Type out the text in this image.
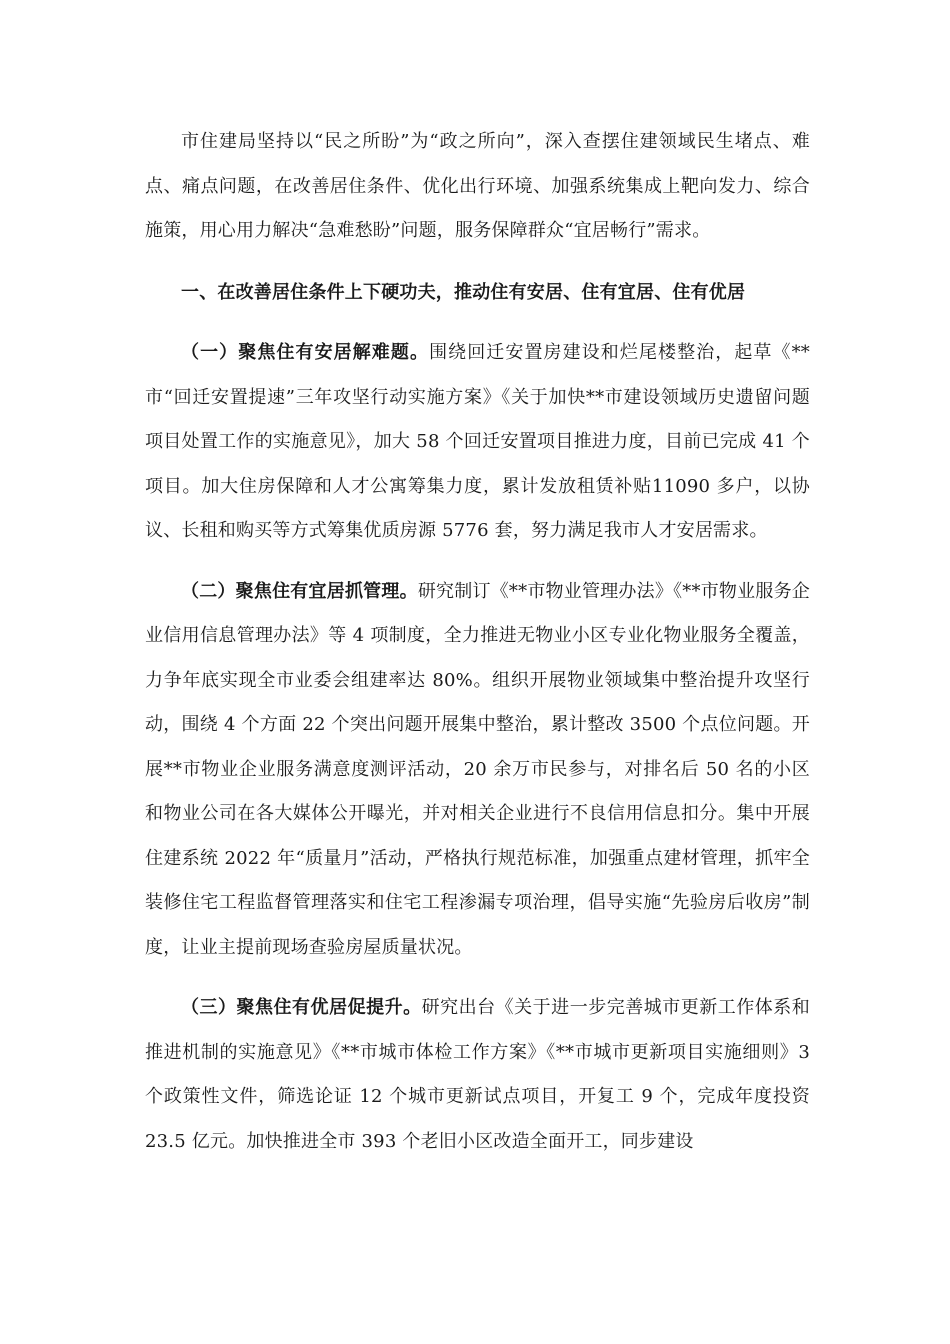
市住建局坚持以“民之所盼”为“政之所向”，深入查摆住建领域民生堵点、难点、痛点问题，在改善居住条件、优化出行环境、加强系统集成上靶向发力、综合施策，用心用力解决“急难愁盼”问题，服务保障群众“宜居畅行”需求。

一、在改善居住条件上下硬功夫，推动住有安居、住有宜居、住有优居

（一）聚焦住有安居解难题。围绕回迁安置房建设和烂尾楼整治，起草《**市“回迁安置提速”三年攻坚行动实施方案》《关于加快**市建设领域历史遗留问题项目处置工作的实施意见》，加大 58 个回迁安置项目推进力度，目前已完成 41 个项目。加大住房保障和人才公寓筹集力度，累计发放租赁补贴11090 多户，以协议、长租和购买等方式筹集优质房源 5776 套，努力满足我市人才安居需求。

（二）聚焦住有宜居抓管理。研究制订《**市物业管理办法》《**市物业服务企业信用信息管理办法》等 4 项制度，全力推进无物业小区专业化物业服务全覆盖，力争年底实现全市业委会组建率达 80%。组织开展物业领域集中整治提升攻坚行动，围绕 4 个方面 22 个突出问题开展集中整治，累计整改 3500 个点位问题。开展**市物业企业服务满意度测评活动，20 余万市民参与，对排名后 50 名的小区和物业公司在各大媒体公开曝光，并对相关企业进行不良信用信息扣分。集中开展住建系统 2022 年“质量月”活动，严格执行规范标准，加强重点建材管理，抓牢全装修住宅工程监督管理落实和住宅工程渗漏专项治理，倡导实施“先验房后收房”制度，让业主提前现场查验房屋质量状况。

（三）聚焦住有优居促提升。研究出台《关于进一步完善城市更新工作体系和推进机制的实施意见》《**市城市体检工作方案》《**市城市更新项目实施细则》3 个政策性文件，筛选论证 12 个城市更新试点项目，开复工 9 个，完成年度投资 23.5 亿元。加快推进全市 393 个老旧小区改造全面开工，同步建设
